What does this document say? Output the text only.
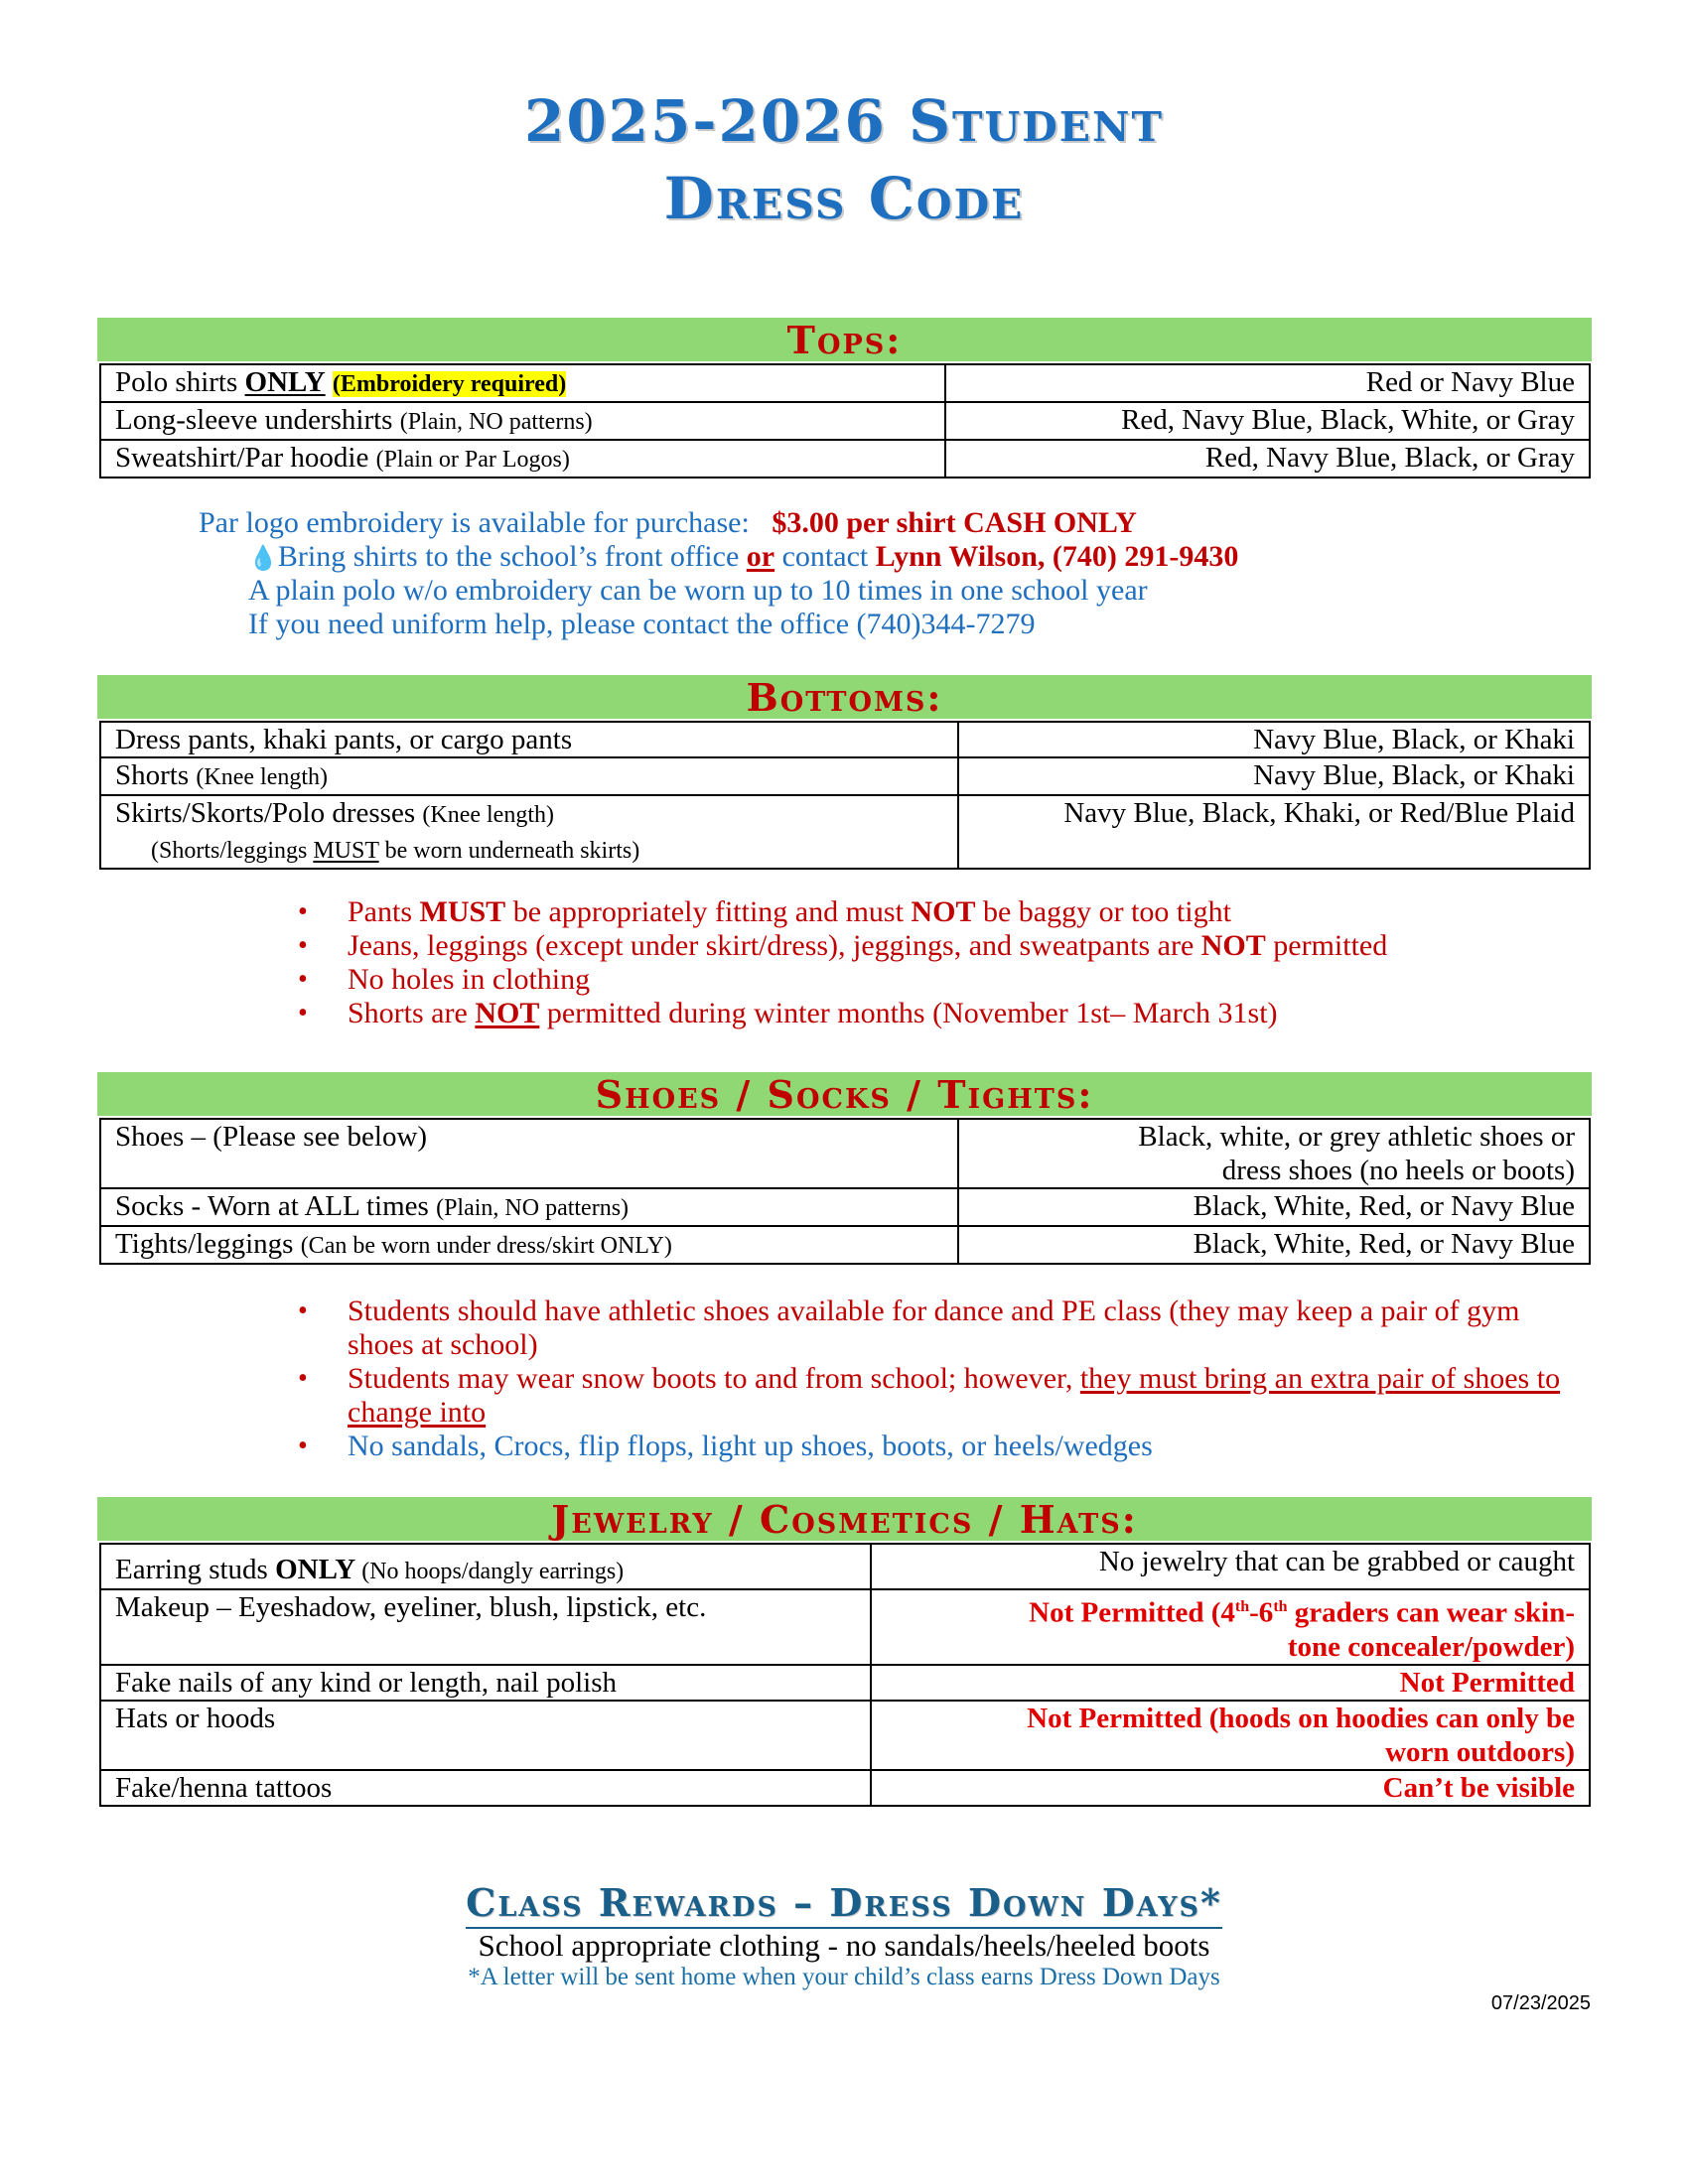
2025-2026 Student
Dress Code
Tops:
Polo shirts ONLY (Embroidery required)	Red or Navy Blue
Long-sleeve undershirts (Plain, NO patterns)	Red, Navy Blue, Black, White, or Gray
Sweatshirt/Par hoodie (Plain or Par Logos)	Red, Navy Blue, Black, or Gray
Par logo embroidery is available for purchase: $3.00 per shirt CASH ONLY
💧Bring shirts to the school’s front office or contact Lynn Wilson, (740) 291-9430
A plain polo w/o embroidery can be worn up to 10 times in one school year
If you need uniform help, please contact the office (740)344-7279
Bottoms:
Dress pants, khaki pants, or cargo pants	Navy Blue, Black, or Khaki
Shorts (Knee length)	Navy Blue, Black, or Khaki
Skirts/Skorts/Polo dresses (Knee length)
(Shorts/leggings MUST be worn underneath skirts)	Navy Blue, Black, Khaki, or Red/Blue Plaid
• Pants MUST be appropriately fitting and must NOT be baggy or too tight
• Jeans, leggings (except under skirt/dress), jeggings, and sweatpants are NOT permitted
• No holes in clothing
• Shorts are NOT permitted during winter months (November 1st– March 31st)
Shoes / Socks / Tights:
Shoes – (Please see below)	Black, white, or grey athletic shoes or
dress shoes (no heels or boots)
Socks - Worn at ALL times (Plain, NO patterns)	Black, White, Red, or Navy Blue
Tights/leggings (Can be worn under dress/skirt ONLY)	Black, White, Red, or Navy Blue
• Students should have athletic shoes available for dance and PE class (they may keep a pair of gym shoes at school)
• Students may wear snow boots to and from school; however, they must bring an extra pair of shoes to change into
• No sandals, Crocs, flip flops, light up shoes, boots, or heels/wedges
Jewelry / Cosmetics / Hats:
Earring studs ONLY (No hoops/dangly earrings)	No jewelry that can be grabbed or caught
Makeup – Eyeshadow, eyeliner, blush, lipstick, etc.	Not Permitted (4th-6th graders can wear skin-
tone concealer/powder)
Fake nails of any kind or length, nail polish	Not Permitted
Hats or hoods	Not Permitted (hoods on hoodies can only be
worn outdoors)
Fake/henna tattoos	Can’t be visible
Class Rewards – Dress Down Days*
School appropriate clothing - no sandals/heels/heeled boots
*A letter will be sent home when your child’s class earns Dress Down Days
07/23/2025
